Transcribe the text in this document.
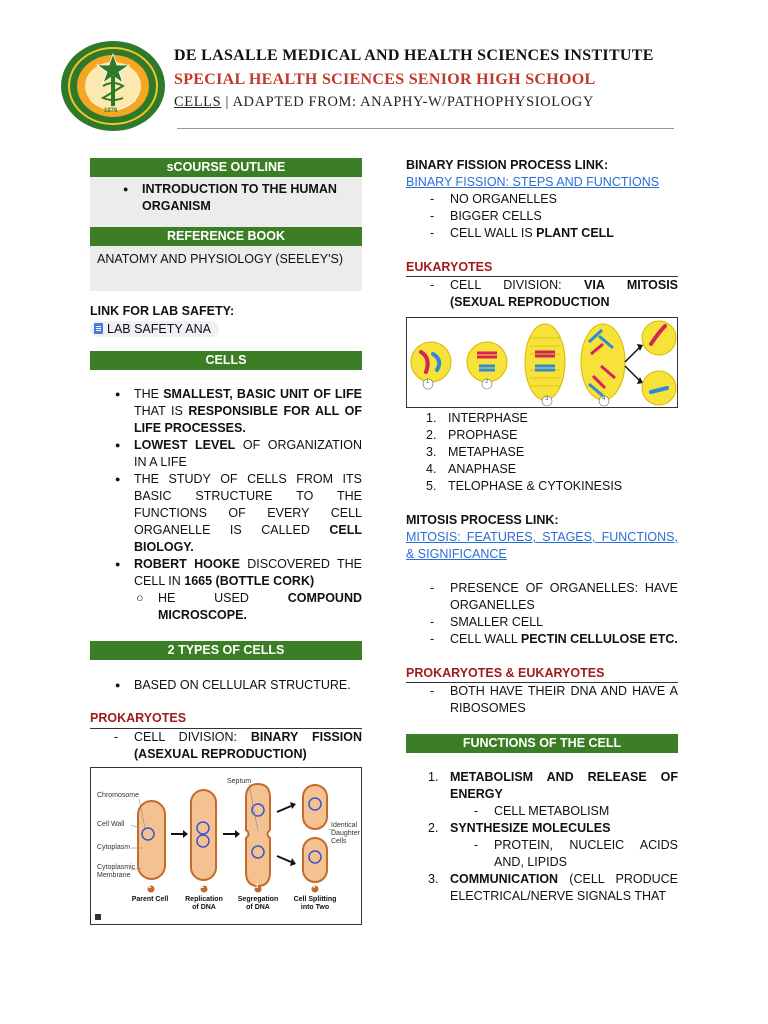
1976
DE LASALLE MEDICAL AND HEALTH SCIENCES INSTITUTE
SPECIAL HEALTH SCIENCES SENIOR HIGH SCHOOL
CELLS | ADAPTED FROM: ANAPHY-W/PATHOPHYSIOLOGY
sCOURSE OUTLINE
● INTRODUCTION TO THE HUMAN ORGANISM
REFERENCE BOOK
ANATOMY AND PHYSIOLOGY (SEELEY'S)
LINK FOR LAB SAFETY:
LAB SAFETY ANA
CELLS
● THE SMALLEST, BASIC UNIT OF LIFE THAT IS RESPONSIBLE FOR ALL OF LIFE PROCESSES.
● LOWEST LEVEL OF ORGANIZATION IN A LIFE
● THE STUDY OF CELLS FROM ITS BASIC STRUCTURE TO THE FUNCTIONS OF EVERY CELL ORGANELLE IS CALLED CELL BIOLOGY.
● ROBERT HOOKE DISCOVERED THE CELL IN 1665 (BOTTLE CORK)
○ HE USED COMPOUND MICROSCOPE.
2 TYPES OF CELLS
● BASED ON CELLULAR STRUCTURE.
PROKARYOTES
- CELL DIVISION: BINARY FISSION (ASEXUAL REPRODUCTION)
Septum
Chromosome
Cell Wall
Cytoplasm
Cytoplasmic Membrane
Identical Daughter Cells
1	2	3	4
Parent Cell	Replication of DNA
Segregation of DNA
Cell Splitting into Two
BINARY FISSION PROCESS LINK:
BINARY FISSION: STEPS AND FUNCTIONS
- NO ORGANELLES
- BIGGER CELLS
- CELL WALL IS PLANT CELL
EUKARYOTES
- CELL DIVISION: VIA MITOSIS (SEXUAL REPRODUCTION
1	2
3	4
1. INTERPHASE
2. PROPHASE
3. METAPHASE
4. ANAPHASE
5. TELOPHASE & CYTOKINESIS
MITOSIS PROCESS LINK:
MITOSIS: FEATURES, STAGES, FUNCTIONS, & SIGNIFICANCE
- PRESENCE OF ORGANELLES: HAVE ORGANELLES
- SMALLER CELL
- CELL WALL PECTIN CELLULOSE ETC.
PROKARYOTES & EUKARYOTES
- BOTH HAVE THEIR DNA AND HAVE A RIBOSOMES
FUNCTIONS OF THE CELL
1. METABOLISM AND RELEASE OF ENERGY
- CELL METABOLISM
2. SYNTHESIZE MOLECULES
- PROTEIN, NUCLEIC ACIDS AND, LIPIDS
3. COMMUNICATION (CELL PRODUCE ELECTRICAL/NERVE SIGNALS THAT
